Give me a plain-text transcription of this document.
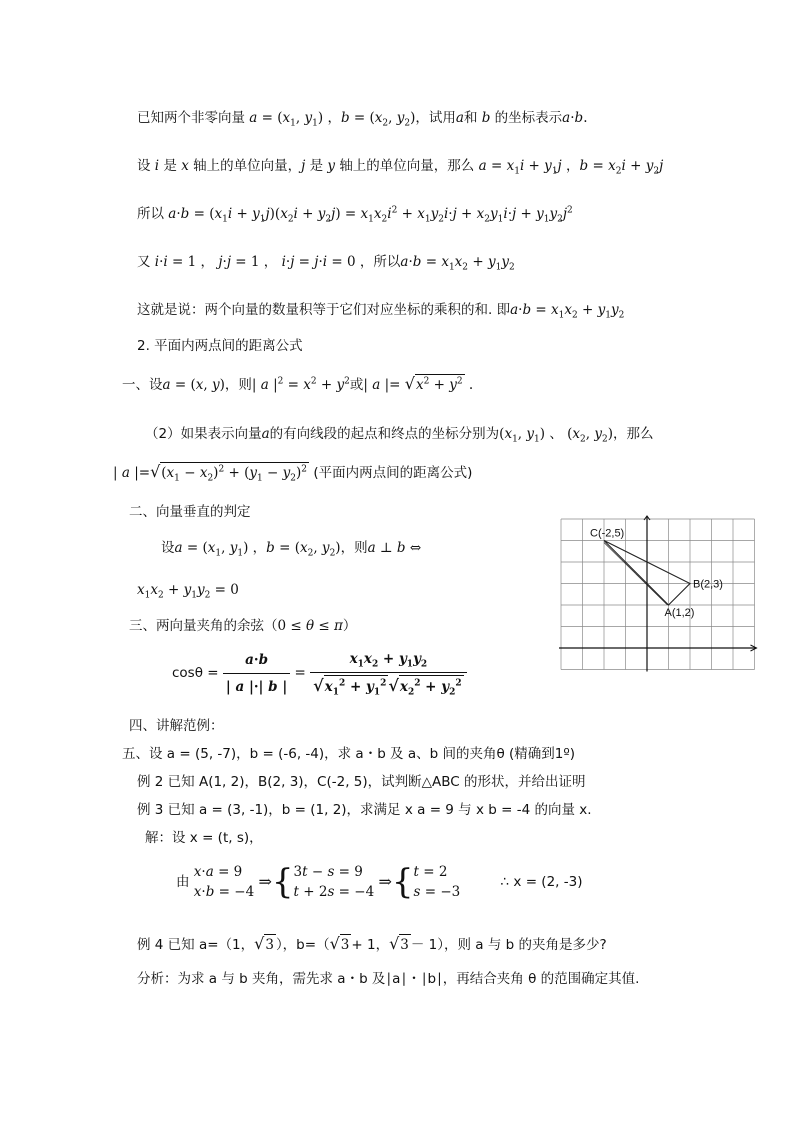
已知两个非零向量 $a = (x_1$, $y_1$) ，$b = (x_2$, $y_2$)，试用a和 b 的坐标表示a·b.
设 i 是 x 轴上的单位向量，j 是 y 轴上的单位向量，那么 $a = x_1i + y_1j$ ，$b = x_2i + y_2j$
所以 $a\cdot b = (x_1i + y_1j)(x_2i + y_2j) = x_1x_2i^2 + x_1y_2i\cdot j + x_2y_1i\cdot j + y_1y_2j^2$
又 i·i = 1 ， j·j = 1 ， i·j = j·i = 0 ，所以$a\cdot b = x_1x_2 + y_1y_2$
这就是说：两个向量的数量积等于它们对应坐标的乘积的和. 即$a\cdot b = x_1x_2 + y_1y_2$
2. 平面内两点间的距离公式
一、设a = (x, y)，则| a $|^2 = x^2 + y^2$或| a |= $√x^2 + y^2$ .
（2）如果表示向量a的有向线段的起点和终点的坐标分别为($x_1$, $y_1$) 、 ($x_2$, $y_2$)，那么
| a $|=√(x_1 - x_2)^2 + (y_1 - y_2)^2$ (平面内两点间的距离公式)
二、向量垂直的判定
设$a = (x_1$, $y_1$) ，$b = (x_2$, $y_2$)，则a ⊥ b ⇔
$x_1x_2 + y_1y_2 = 0$
三、两向量夹角的余弦（0 ≤ θ ≤ π）
$\cos\theta = \frac{a\cdot b}{| a |\cdot| b |} = \frac{x_1x_2 + y_1y_2}{√x_1^2 + y_1^2 √x_2^2 + y_2^2}$
四、讲解范例：
五、设 a = (5, -7)，b = (-6, -4)，求 a・b 及 a、b 间的夹角θ (精确到1º)
例 2 已知 A(1, 2)，B(2, 3)，C(-2, 5)，试判断△ABC 的形状，并给出证明
例 3 已知 a = (3, -1)，b = (1, 2)，求满足 x a = 9 与 x b = -4 的向量 x.
解：设 x = (t, s)，
由 x·a = 9
x·b = −4 ⇒{3t − s = 9
t + 2s = −4 ⇒{t = 2
s = −3 ∴ x = (2, -3)
例 4 已知 a=（1，√3 ），b=（√3 + 1，√3 － 1），则 a 与 b 的夹角是多少?
分析：为求 a 与 b 夹角，需先求 a・b 及∣a∣・∣b∣，再结合夹角 θ 的范围确定其值.
C(-2,5)
B(2,3)
A(1,2)
